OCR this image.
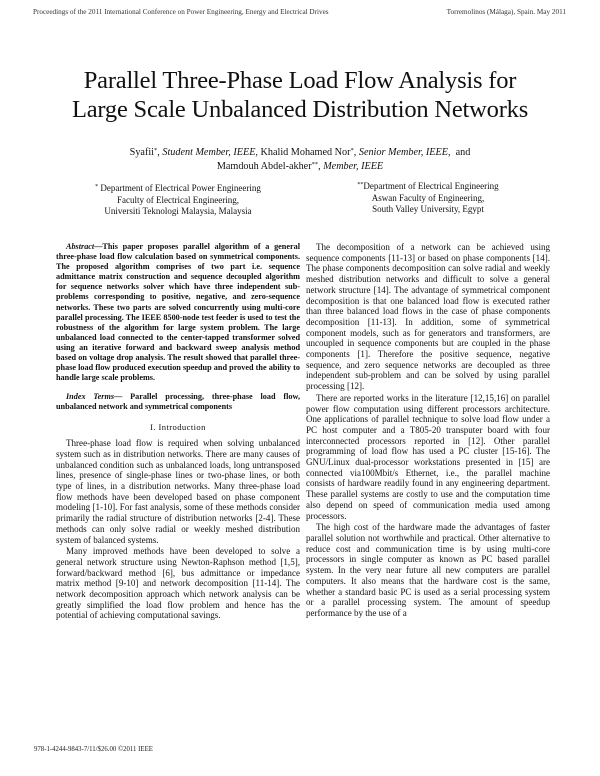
Proceedings of the 2011 International Conference on Power Engineering, Energy and Electrical Drives	Torremolinos (Málaga), Spain. May 2011
Parallel Three-Phase Load Flow Analysis for
Large Scale Unbalanced Distribution Networks
Syafii*, Student Member, IEEE, Khalid Mohamed Nor*, Senior Member, IEEE, and
Mamdouh Abdel-akher**, Member, IEEE
* Department of Electrical Power Engineering
Faculty of Electrical Engineering,
Universiti Teknologi Malaysia, Malaysia
**Department of Electrical Engineering
Aswan Faculty of Engineering,
South Valley University, Egypt

Abstract—This paper proposes parallel algorithm of a general three-phase load flow calculation based on symmetrical components. The proposed algorithm comprises of two part i.e. sequence admittance matrix construction and sequence decoupled algorithm for sequence networks solver which have three independent sub-problems corresponding to positive, negative, and zero-sequence networks. These two parts are solved concurrently using multi-core parallel processing. The IEEE 8500-node test feeder is used to test the robustness of the algorithm for large system problem. The large unbalanced load connected to the center-tapped transformer solved using an iterative forward and backward sweep analysis method based on voltage drop analysis. The result showed that parallel three-phase load flow produced execution speedup and proved the ability to handle large scale problems.

Index Terms— Parallel processing, three-phase load flow, unbalanced network and symmetrical components

I. Introduction

Three-phase load flow is required when solving unbalanced system such as in distribution networks. There are many causes of unbalanced condition such as unbalanced loads, long untransposed lines, presence of single-phase lines or two-phase lines, or both type of lines, in a distribution networks. Many three-phase load flow methods have been developed based on phase component modeling [1-10]. For fast analysis, some of these methods consider primarily the radial structure of distribution networks [2-4]. These methods can only solve radial or weekly meshed distribution system of balanced systems.

Many improved methods have been developed to solve a general network structure using Newton-Raphson method [1,5], forward/backward method [6], bus admittance or impedance matrix method [9-10] and network decomposition [11-14]. The network decomposition approach which network analysis can be greatly simplified the load flow problem and hence has the potential of achieving computational savings.

The decomposition of a network can be achieved using sequence components [11-13] or based on phase components [14]. The phase components decomposition can solve radial and weekly meshed distribution networks and difficult to solve a general network structure [14]. The advantage of symmetrical component decomposition is that one balanced load flow is executed rather than three balanced load flows in the case of phase components decomposition [11-13]. In addition, some of symmetrical component models, such as for generators and transformers, are uncoupled in sequence components but are coupled in the phase components [1]. Therefore the positive sequence, negative sequence, and zero sequence networks are decoupled as three independent sub-problem and can be solved by using parallel processing [12].

There are reported works in the literature [12,15,16] on parallel power flow computation using different processors architecture. One applications of parallel technique to solve load flow under a PC host computer and a T805-20 transputer board with four interconnected processors reported in [12]. Other parallel programming of load flow has used a PC cluster [15-16]. The GNU/Linux dual-processor workstations presented in [15] are connected via100Mbit/s Ethernet, i.e., the parallel machine consists of hardware readily found in any engineering department. These parallel systems are costly to use and the computation time also depend on speed of communication media used among processors.

The high cost of the hardware made the advantages of faster parallel solution not worthwhile and practical. Other alternative to reduce cost and communication time is by using multi-core processors in single computer as known as PC based parallel system. In the very near future all new computers are parallel computers. It also means that the hardware cost is the same, whether a standard basic PC is used as a serial processing system or a parallel processing system. The amount of speedup performance by the use of a

978-1-4244-9843-7/11/$26.00 ©2011 IEEE
